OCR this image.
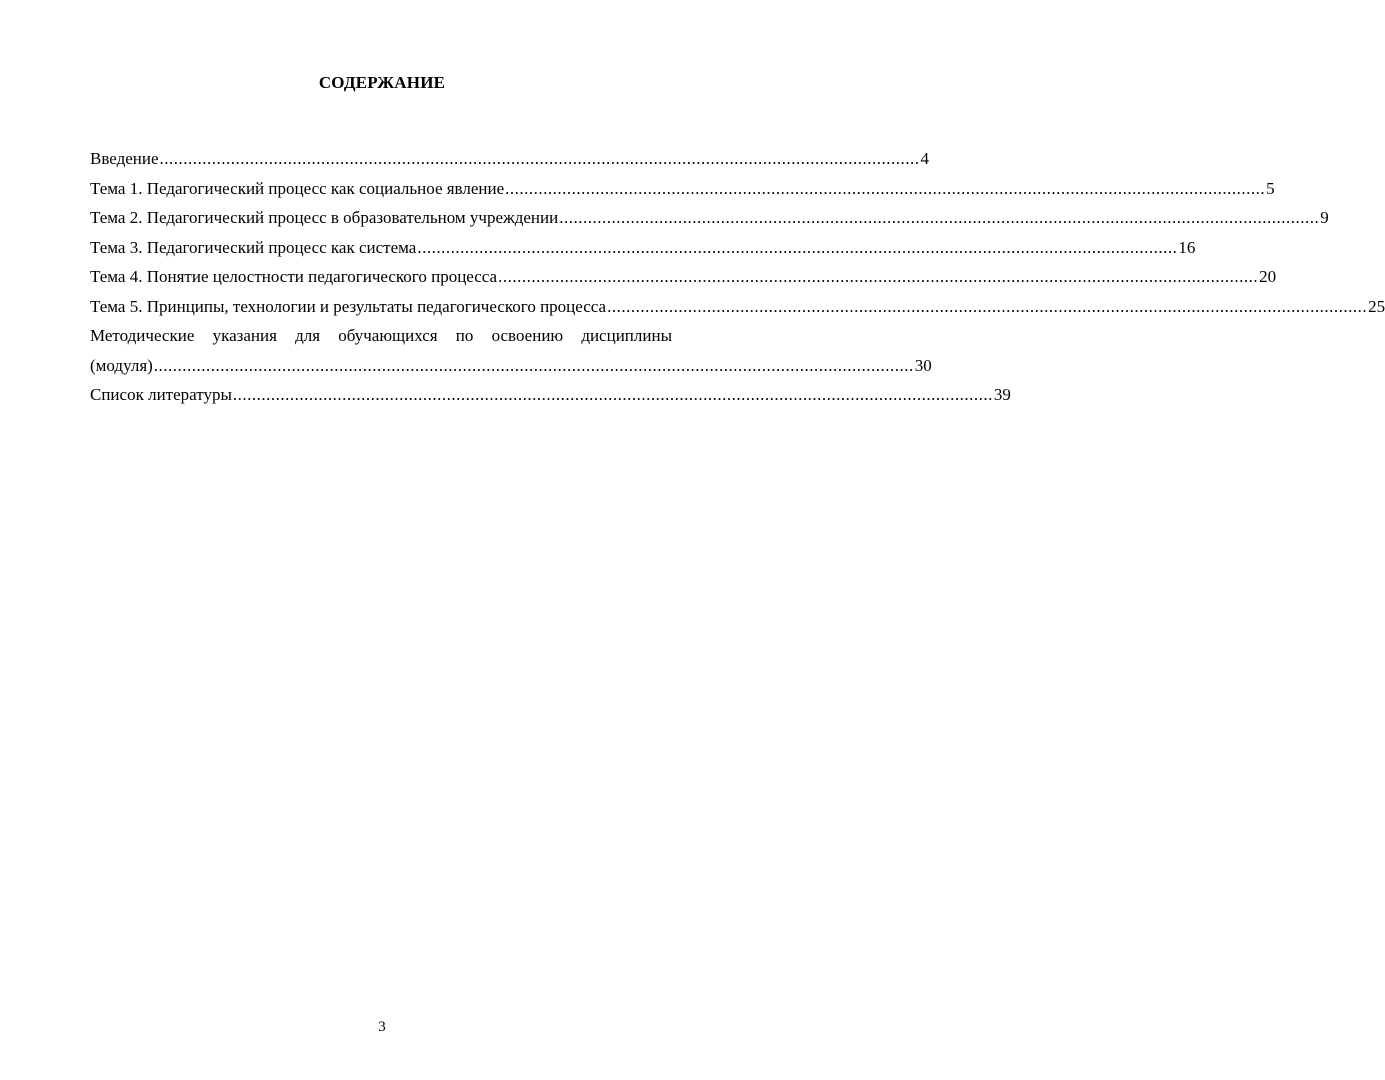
СОДЕРЖАНИЕ
Введение ................................................................................................................................................................ 4
Тема 1. Педагогический процесс как социальное явление ................................................................................................................................................................ 5
Тема 2. Педагогический процесс в образовательном учреждении ................................................................................................................................................................ 9
Тема 3. Педагогический процесс как система ................................................................................................................................................................ 16
Тема 4. Понятие целостности педагогического процесса ................................................................................................................................................................ 20
Тема 5. Принципы, технологии и результаты педагогического процесса ................................................................................................................................................................ 25
Методические указания для обучающихся по освоению дисциплины
(модуля) ................................................................................................................................................................ 30
Список литературы ................................................................................................................................................................ 39
3
